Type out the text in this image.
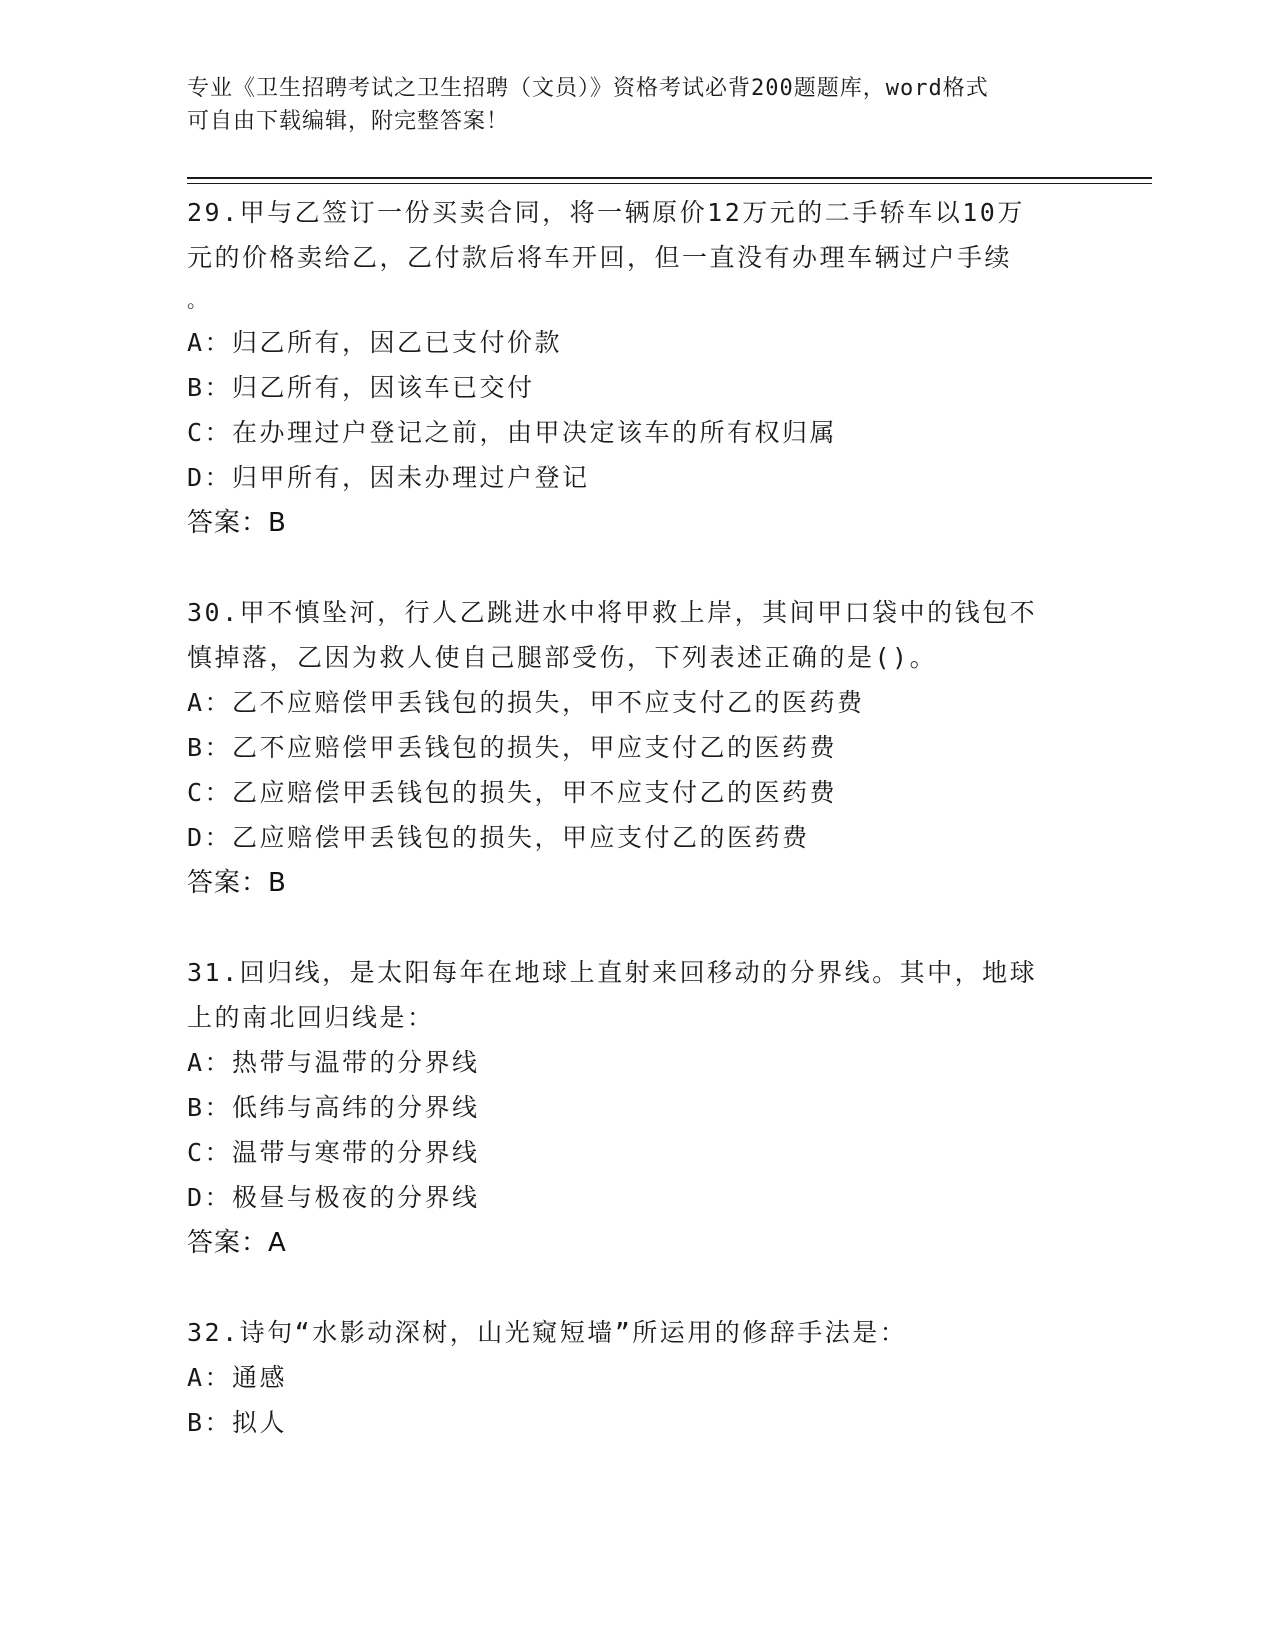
专业《卫生招聘考试之卫生招聘（文员）》资格考试必背200题题库，word格式
可自由下载编辑，附完整答案！
29.甲与乙签订一份买卖合同，将一辆原价12万元的二手轿车以10万
元的价格卖给乙，乙付款后将车开回，但一直没有办理车辆过户手续
。
A：归乙所有，因乙已支付价款
B：归乙所有，因该车已交付
C：在办理过户登记之前，由甲决定该车的所有权归属
D：归甲所有，因未办理过户登记
答案：B
30.甲不慎坠河，行人乙跳进水中将甲救上岸，其间甲口袋中的钱包不
慎掉落，乙因为救人使自己腿部受伤，下列表述正确的是()。
A：乙不应赔偿甲丢钱包的损失，甲不应支付乙的医药费
B：乙不应赔偿甲丢钱包的损失，甲应支付乙的医药费
C：乙应赔偿甲丢钱包的损失，甲不应支付乙的医药费
D：乙应赔偿甲丢钱包的损失，甲应支付乙的医药费
答案：B
31.回归线，是太阳每年在地球上直射来回移动的分界线。其中，地球
上的南北回归线是：
A：热带与温带的分界线
B：低纬与高纬的分界线
C：温带与寒带的分界线
D：极昼与极夜的分界线
答案：A
32.诗句“水影动深树，山光窥短墙”所运用的修辞手法是：
A：通感
B：拟人
